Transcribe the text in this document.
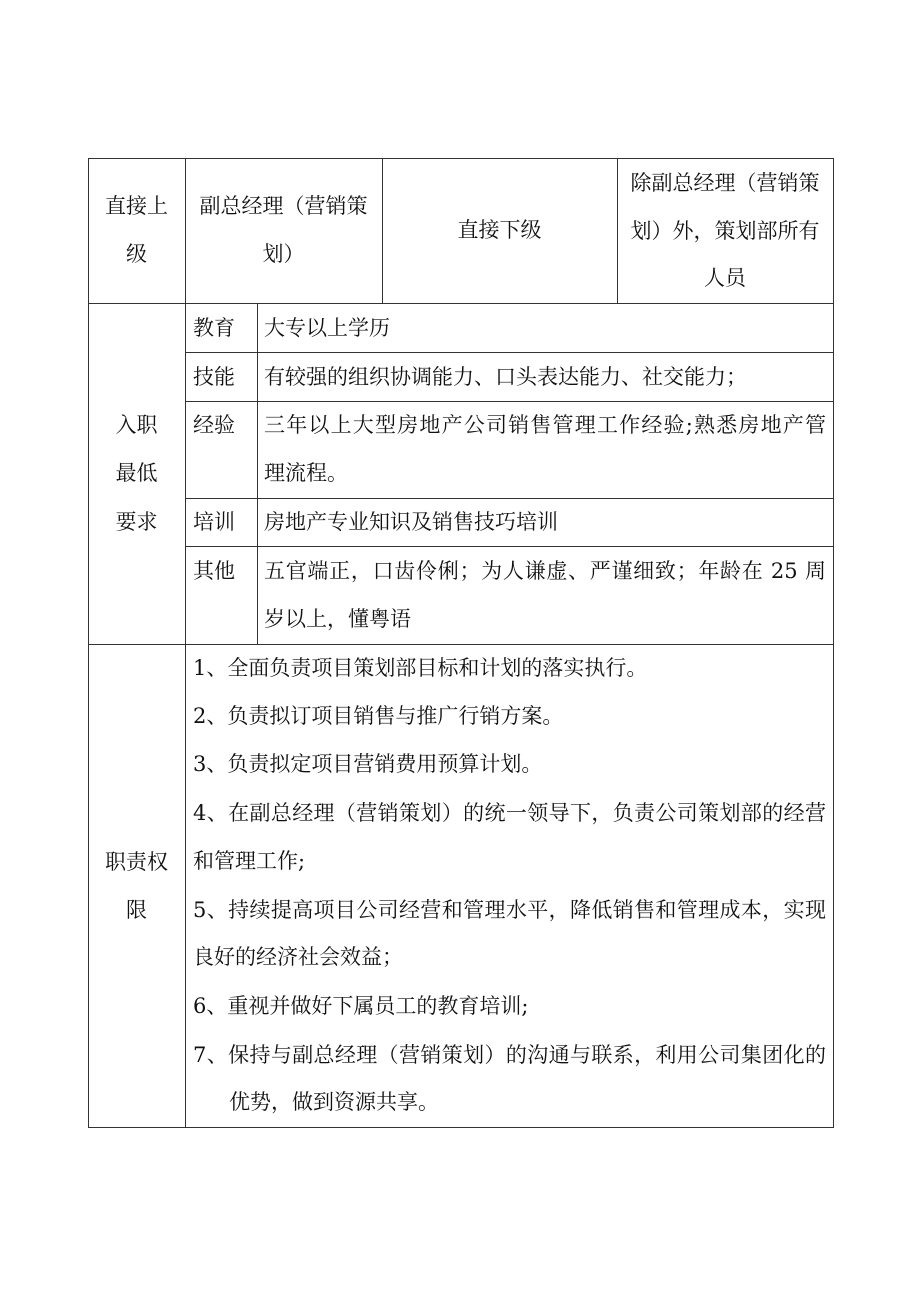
直接上
级
副总经理（营销策
划）
直接下级
除副总经理（营销策
划）外，策划部所有
人员
入职
最低
要求
教育 大专以上学历
技能 有较强的组织协调能力、口头表达能力、社交能力；
经验 三年以上大型房地产公司销售管理工作经验;熟悉房地产管
理流程。
培训 房地产专业知识及销售技巧培训
其他 五官端正，口齿伶俐；为人谦虚、严谨细致；年龄在 25 周
岁以上，懂粤语
职责权
限
1、全面负责项目策划部目标和计划的落实执行。
2、负责拟订项目销售与推广行销方案。
3、负责拟定项目营销费用预算计划。
4、在副总经理（营销策划）的统一领导下，负责公司策划部的经营
和管理工作;
5、持续提高项目公司经营和管理水平，降低销售和管理成本，实现
良好的经济社会效益；
6、重视并做好下属员工的教育培训;
7、保持与副总经理（营销策划）的沟通与联系，利用公司集团化的
优势，做到资源共享。
